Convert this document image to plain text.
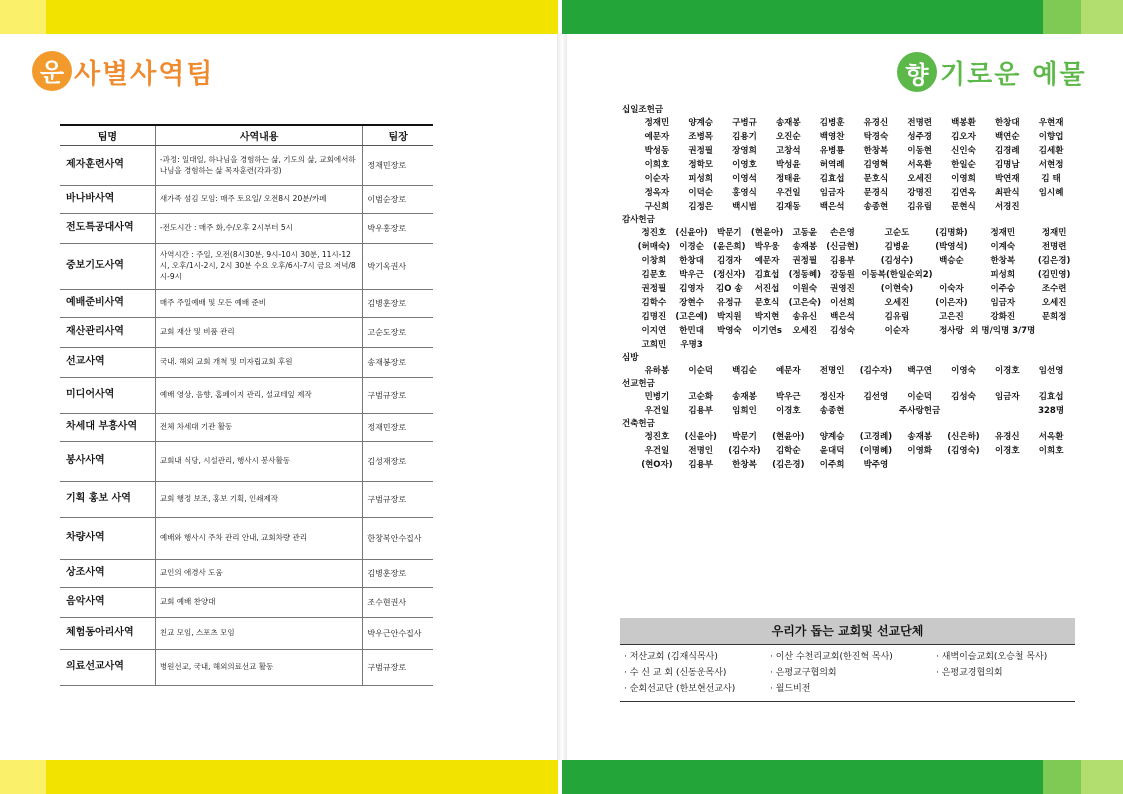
운 사별사역팀
팀명	사역내용	팀장
제자훈련사역	-과정: 일대일, 하나님을 경험하는 삶, 기도의 삶, 교회에서하나님을 경험하는 삶 목자훈련(각과정)	정재민장로
바나바사역	새가족 섬김 모임: 매주 토요일/ 오전8시 20분/카페	이범순장로
전도특공대사역	-전도시간 : 매주 화,수/오후 2시부터 5시	박우홍장로
중보기도사역	사역시간 : 주일, 오전(8시30분, 9시-10시 30분, 11시-12시, 오후/1시-2시, 2시 30분 수요 오후/6시-7시 금요 저녁/8시-9시	박기옥권사
예배준비사역	매주 주일예배 및 모든 예배 준비	김병훈장로
재산관리사역	교회 재산 및 비품 관리	고순도장로
선교사역	국내. 해외 교회 개척 및 미자립교회 후원	송재봉장로
미디어사역	예배 영상, 음향, 홈페이지 관리, 설교테잎 제작	구범규장로
차세대 부흥사역	전체 차세대 기관 활동	정재민장로
봉사사역	교회내 식당, 시설관리, 행사시 봉사활동	김성재장로
기획 홍보 사역	교회 행정 보조, 홍보 기획, 인쇄제작	구범규장로
차량사역	예배와 행사시 주차 관리 안내, 교회차량 관리	한창복안수집사
상조사역	교인의 애경사 도움	김병훈장로
음악사역	교회 예배 찬양대	조수현권사
체험동아리사역	친교 모임, 스포츠 모임	박우근안수집사
의료선교사역	병원선교, 국내, 해외의료선교 활동	구범규장로
향 기로운 예물
십일조헌금
정재민	양계승	구병규	송재봉	김병훈	유경신	전명련	백봉환	한창대	우현재
예문자	조병목	김용기	오진순	백영찬	탁경숙	성주경	김오자	백연순	이향업
박성동	권정필	장영희	고창석	유병룡	한창복	이동현	신인숙	김경례	김세환
이희호	정학모	이영호	박성윤	허역례	김영혁	서옥환	한일순	김명남	서현정
이순자	피성희	이영석	정태윤	김효섭	문호식	오세진	이영희	박연재	김 태
정옥자	이덕순	홍영식	우건일	임금자	문경식	강명진	김연옥	최판식	임시혜
구신희	김정은	백시범	김재동	백은석	송종현	김유림	문현식	서경진
감사헌금
정진호	(신윤아)	박문기	(현윤아)	고동윤	손은영	고순도	(김명화)	정재민	정재민
(허매숙)	이경순	(윤은희)	박우웅	송재봉	(신금현)	김병윤	(박영석)	이계숙	전명련
이창희	한창대	김경자	예문자	권정필	김용부	(김성수)	백승순	한창복	(김은경)
김문호	박우근	(정신자)	김효섭	(정동혜)	강동원 이동복(한일순외2)	피성희	(김민영)
권정필	김영자	김O 송	서진섭	이원숙	권영진	(이현숙)	이숙자	이주승	조수련
김학수	장현수	유정규	문호식	(고은숙)	이선희	오세진	(이은자)	임금자	오세진
김명진	(고은예)	박지원	박지현	송유신	백은석	김유림	고은진	강화진	문희정
이지연	한민대	박영숙	이기연s	오세진	김성숙	이순자	정사랑 외 명/익명 3/7명
고희민	우명3
심방
유하봉	이순덕	백김순	예문자	전명인	(김수자)	백구연	이영숙	이경호	임선영
선교헌금
민병기	고순화	송재봉	박우근	정신자	김선영	이순덕	김성숙	임금자	김효섭
우건일	김용부	임희인	이경호	송종현	주사랑헌금	328명
건축헌금
정진호	(신윤아)	박문기	(현윤아)	양계승	(고경례)	송재봉	(신은하)	유경신	서옥환
우건일	전명인	(김수자)	김학순	윤대덕	(이명혜)	이영화	(김영숙)	이경호	이희호
(현O자)	김용부	한창복	(김은경)	이주희	박주영
우리가 돕는 교회및 선교단체
· 저산교회 (김재식목사)	· 이산 수천리교회(한진혁 목사)	· 새벽이슬교회(오승철 목사)
· 수 신 교 회 (신동운목사)	· 은평교구협의회	· 은평교경협의회
· 순회선교단 (한보현선교사)	· 월드비전
